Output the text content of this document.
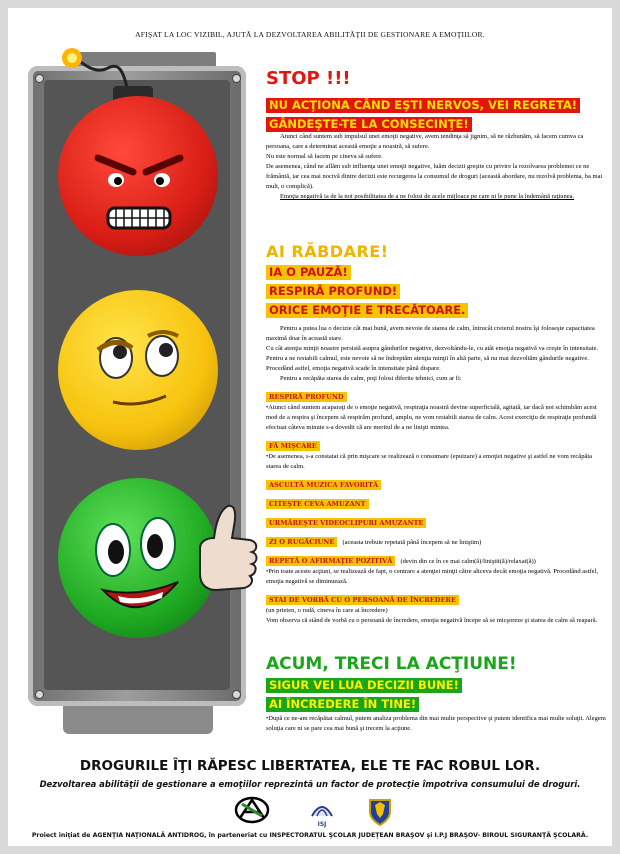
AFIŞAT LA LOC VIZIBIL, AJUTĂ LA DEZVOLTAREA ABILITĂŢII DE GESTIONARE A EMOŢIILOR.
STOP !!!
NU ACŢIONA CÂND EŞTI NERVOS, VEI REGRETA!
GÂNDEŞTE-TE LA CONSECINŢE!

Atunci când suntem sub impulsul unei emoţii negative, avem tendinţa să jignim, să ne răzbunăm, să facem cumva ca persoana, care a determinat această emoţie a noastră, să sufere.

Nu este normal să facem pe cineva să sufere.

De asemenea, când ne aflăm sub influenţa unei emoţii negative, luăm deciziі greşite cu privire la rezolvarea problemei ce ne frământă, iar cea mai nocivă dintre decizii este recurgerea la consumul de droguri (această abordare, nu rezolvă problema, ba mai mult, o complică).

Emoţia negativă ia de la noi posibilitatea de a ne folosi de acele mijloace pe care ni le pune la îndemână raţiunea.

AI RĂBDARE!
IA O PAUZĂ!
RESPIRĂ PROFUND!
ORICE EMOŢIE E TRECĂTOARE.

Pentru a putea lua o decizie cât mai bună, avem nevoie de starea de calm, întrucât creierul nostru îşi foloseşte capacitatea maximă doar în această stare.

Cu cât atenţia minţii noastre persistă asupra gândurilor negative, dezvoltându-le, cu atât emoţia negativă va creşte în intensitate. Pentru a ne restabili calmul, este nevoie să ne îndreptăm atenţia minţii în altă parte, să nu mai dezvoltăm gândurile negative. Procedând astfel, emoţia negativă scade în intensitate până dispare.

Pentru a recăpăta starea de calm, poţi folosi diferite tehnici, cum ar fi:

RESPIRĂ PROFUND

•Atunci când suntem acaparaţi de o emoţie negativă, respiraţia noastră devine superficială, agitată, iar dacă noi schimbăm acest mod de a respira şi începem să respirăm profund, amplu, ne vom restabili starea de calm. Acest exerciţiu de respiraţie profundă efectuat câteva minute s-a dovedit că are meritul de a ne linişti mintea.

FĂ MIŞCARE

•De asemenea, s-a constatat că prin mişcare se realizează o consumare (epuizare) a emoţiei negative şi astfel ne vom recăpăta starea de calm.

ASCULTĂ MUZICA FAVORITĂ
CITEŞTE CEVA AMUZANT
URMĂREŞTE VIDEOCLIPURI AMUZANTE
ZI O RUGĂCIUNE (aceasta trebuie repetată până începem să ne liniştim)
REPETĂ O AFIRMAŢIE POZITIVĂ (devin din ce în ce mai calm(ă)/liniştit(ă)/relaxat(ă))

•Prin toate aceste acţiuni, se realizează de fapt, o centrare a atenţiei minţii către altceva decât emoţia negativă. Procedând astfel, emoţia negativă se diminuează.

STAI DE VORBĂ CU O PERSOANĂ DE ÎNCREDERE

(un prieten, o rudă, cineva în care ai încredere)

Vom observa că stând de vorbă cu o persoană de încredere, emoţia negativă începe să se micşoreze şi starea de calm să reapară.

ACUM, TRECI LA ACŢIUNE!
SIGUR VEI LUA DECIZII BUNE!
AI ÎNCREDERE ÎN TINE!

•După ce ne-am recăpătat calmul, putem analiza problema din mai multe perspective şi putem identifica mai multe soluţii. Alegem soluţia care ni se pare cea mai bună şi trecem la acţiune.

DROGURILE ÎŢI RĂPESC LIBERTATEA, ELE TE FAC ROBUL LOR.
Dezvoltarea abilităţii de gestionare a emoţiilor reprezintă un factor de protecţie împotriva consumului de droguri.
ISJ
Proiect iniţiat de AGENŢIA NAŢIONALĂ ANTIDROG, în parteneriat cu INSPECTORATUL ŞCOLAR JUDEŢEAN BRAŞOV şi I.P.J BRAŞOV- BIROUL SIGURANŢĂ ŞCOLARĂ.
